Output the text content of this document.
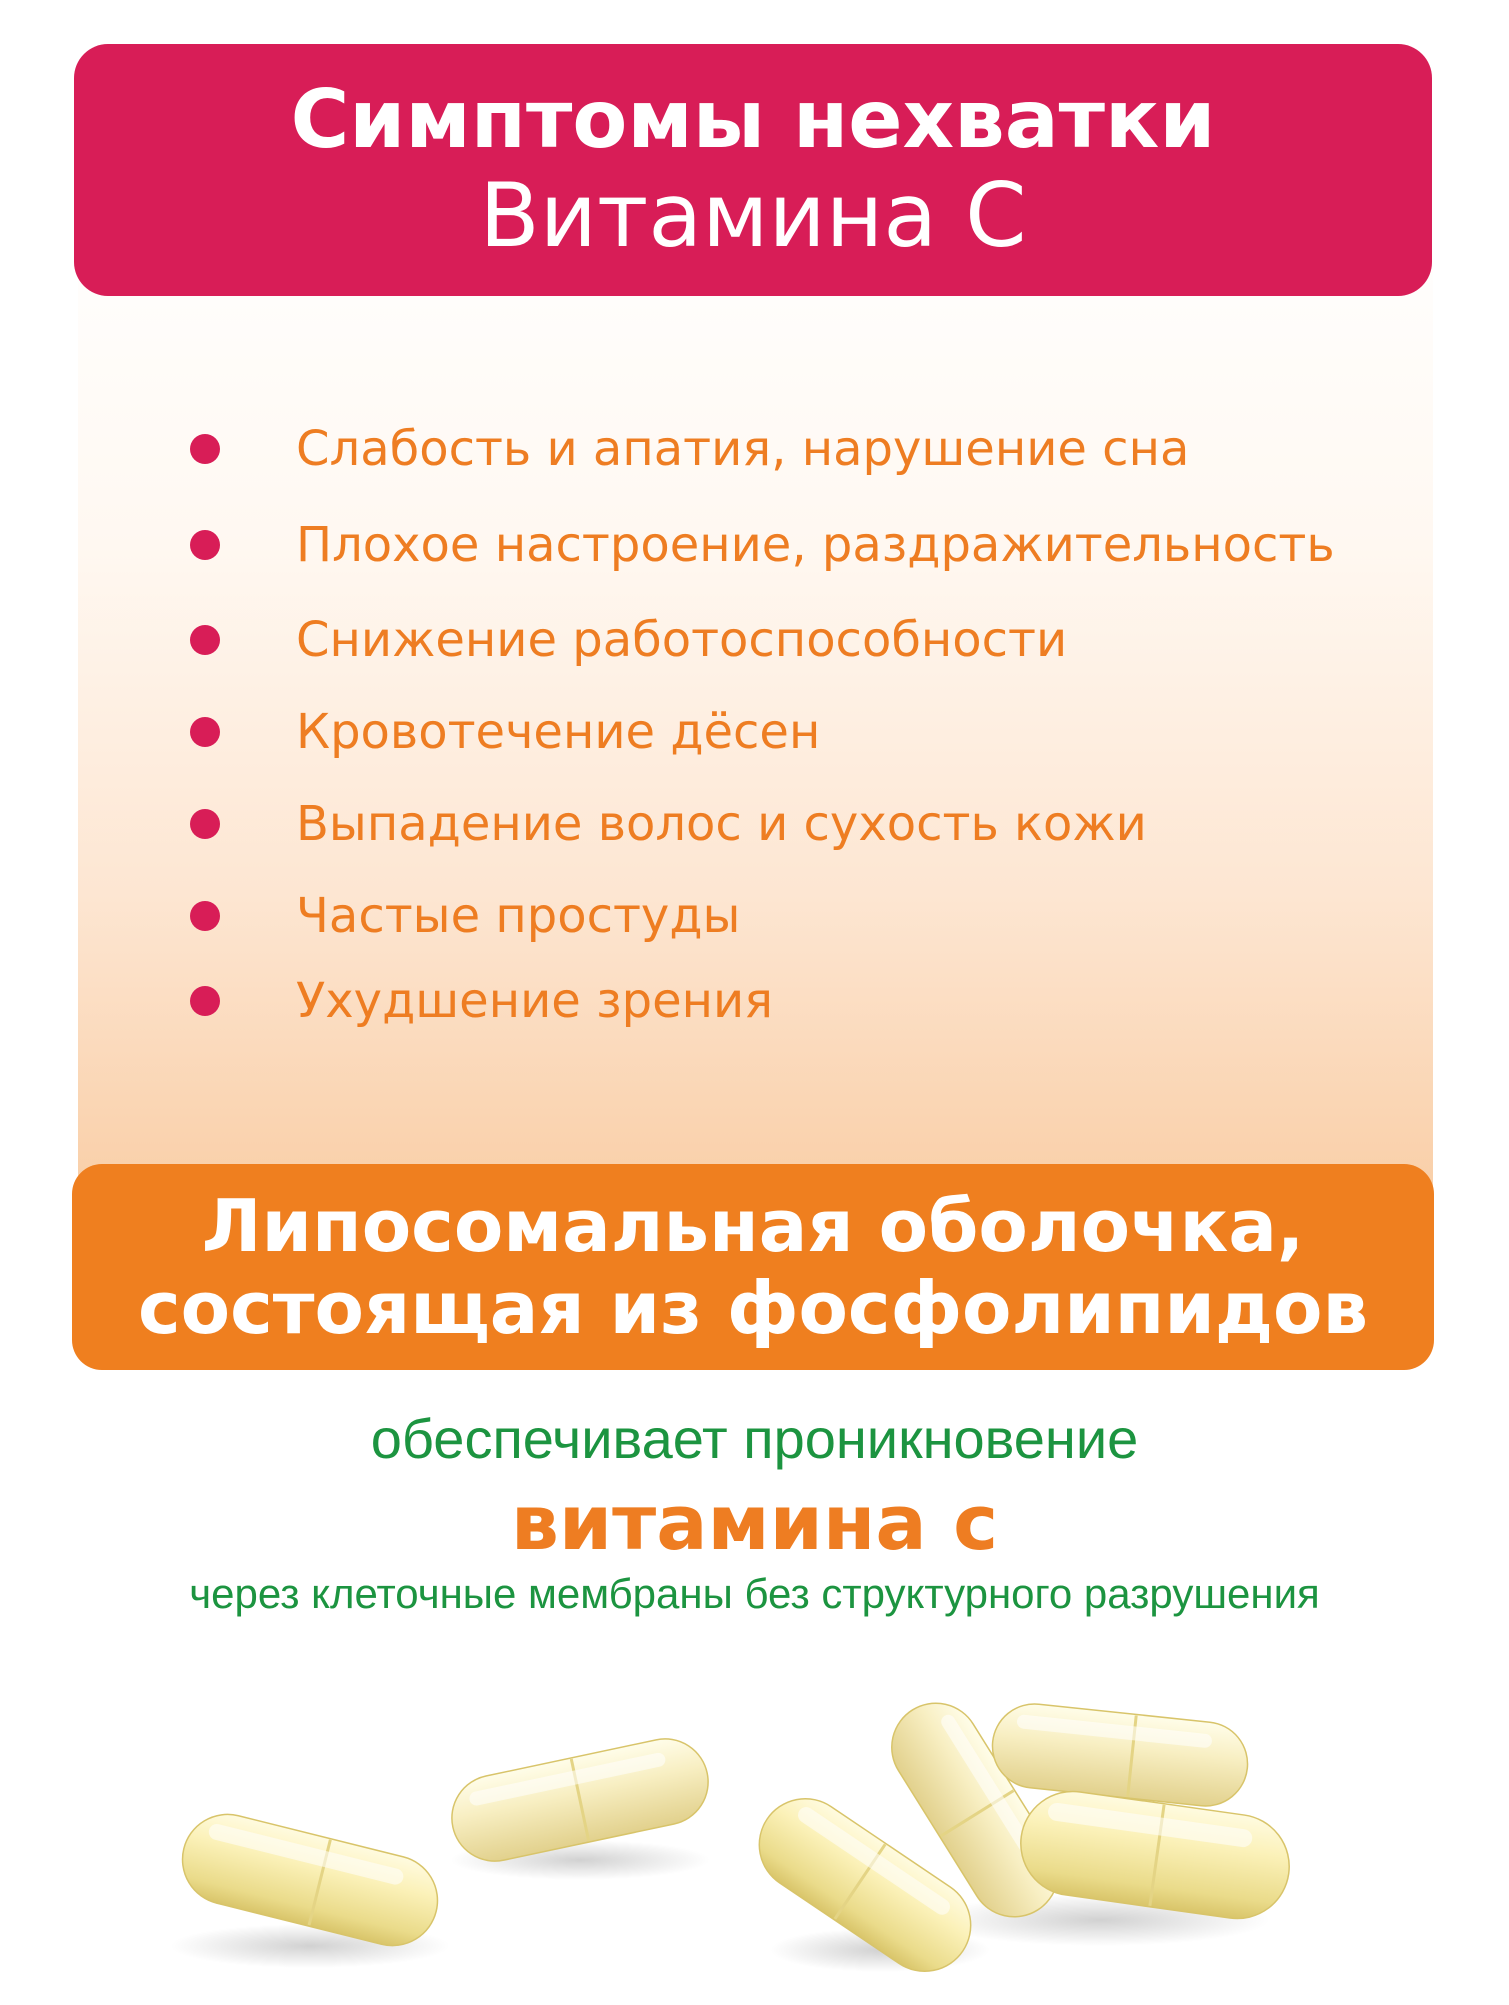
Симптомы нехватки
Витамина С
Слабость и апатия, нарушение сна
Плохое настроение, раздражительность
Снижение работоспособности
Кровотечение дёсен
Выпадение волос и сухость кожи
Частые простуды
Ухудшение зрения
Липосомальная оболочка,
состоящая из фосфолипидов
обеспечивает проникновение
витамина с
через клеточные мембраны без структурного разрушения
